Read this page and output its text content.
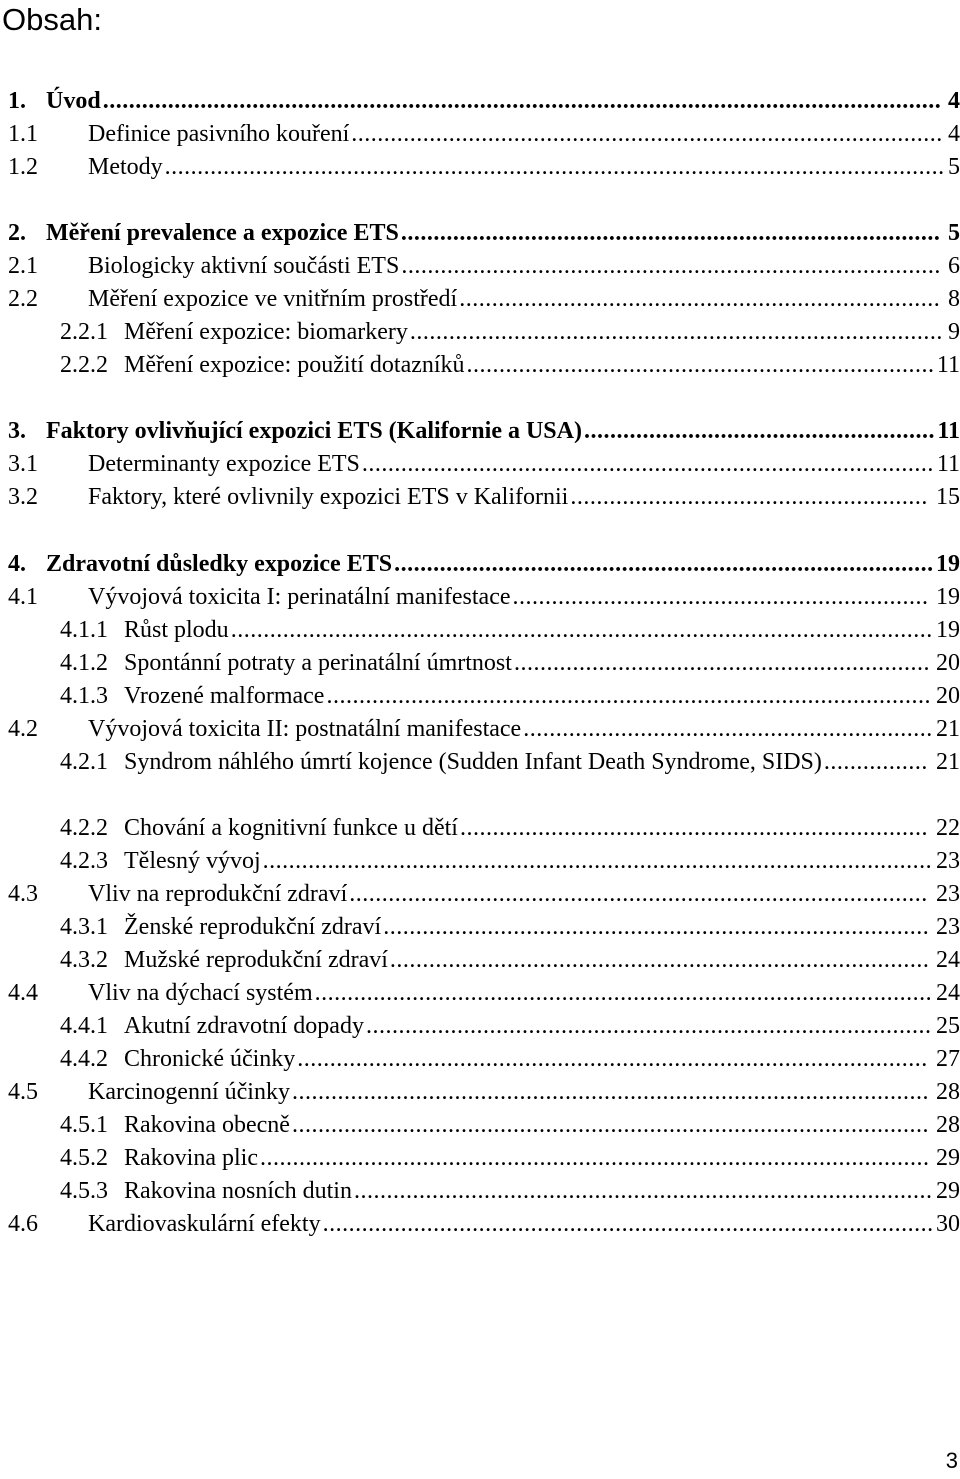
Obsah:
1. Úvod ................................................................................................................................. 4
1.1 Definice pasivního kouření ........................................................................................... 4
1.2 Metody ........................................................................................................................ 5
2. Měření prevalence a expozice ETS ................................................................................... 5
2.1 Biologicky aktivní součásti ETS ................................................................................... 6
2.2 Měření expozice ve vnitřním prostředí .......................................................................... 8
2.2.1 Měření expozice: biomarkery .................................................................................. 9
2.2.2 Měření expozice: použití dotazníků ........................................................................ 11
3. Faktory ovlivňující expozici ETS (Kalifornie a USA) ...................................................... 11
3.1 Determinanty expozice ETS ........................................................................................ 11
3.2 Faktory, které ovlivnily expozici ETS v Kalifornii ....................................................... 15
4. Zdravotní důsledky expozice ETS ................................................................................... 19
4.1 Vývojová toxicita I: perinatální manifestace ................................................................ 19
4.1.1 Růst plodu ............................................................................................................ 19
4.1.2 Spontánní potraty a perinatální úmrtnost ................................................................ 20
4.1.3 Vrozené malformace ............................................................................................. 20
4.2 Vývojová toxicita II: postnatální manifestace ............................................................... 21
4.2.1 Syndrom náhlého úmrtí kojence (Sudden Infant Death Syndrome, SIDS) ................ 21
4.2.2 Chování a kognitivní funkce u dětí ........................................................................ 22
4.2.3 Tělesný vývoj ....................................................................................................... 23
4.3 Vliv na reprodukční zdraví ......................................................................................... 23
4.3.1 Ženské reprodukční zdraví .................................................................................... 23
4.3.2 Mužské reprodukční zdraví ................................................................................... 24
4.4 Vliv na dýchací systém ............................................................................................... 24
4.4.1 Akutní zdravotní dopady ....................................................................................... 25
4.4.2 Chronické účinky ................................................................................................. 27
4.5 Karcinogenní účinky .................................................................................................. 28
4.5.1 Rakovina obecně .................................................................................................. 28
4.5.2 Rakovina plic ....................................................................................................... 29
4.5.3 Rakovina nosních dutin ......................................................................................... 29
4.6 Kardiovaskulární efekty .............................................................................................. 30
3
